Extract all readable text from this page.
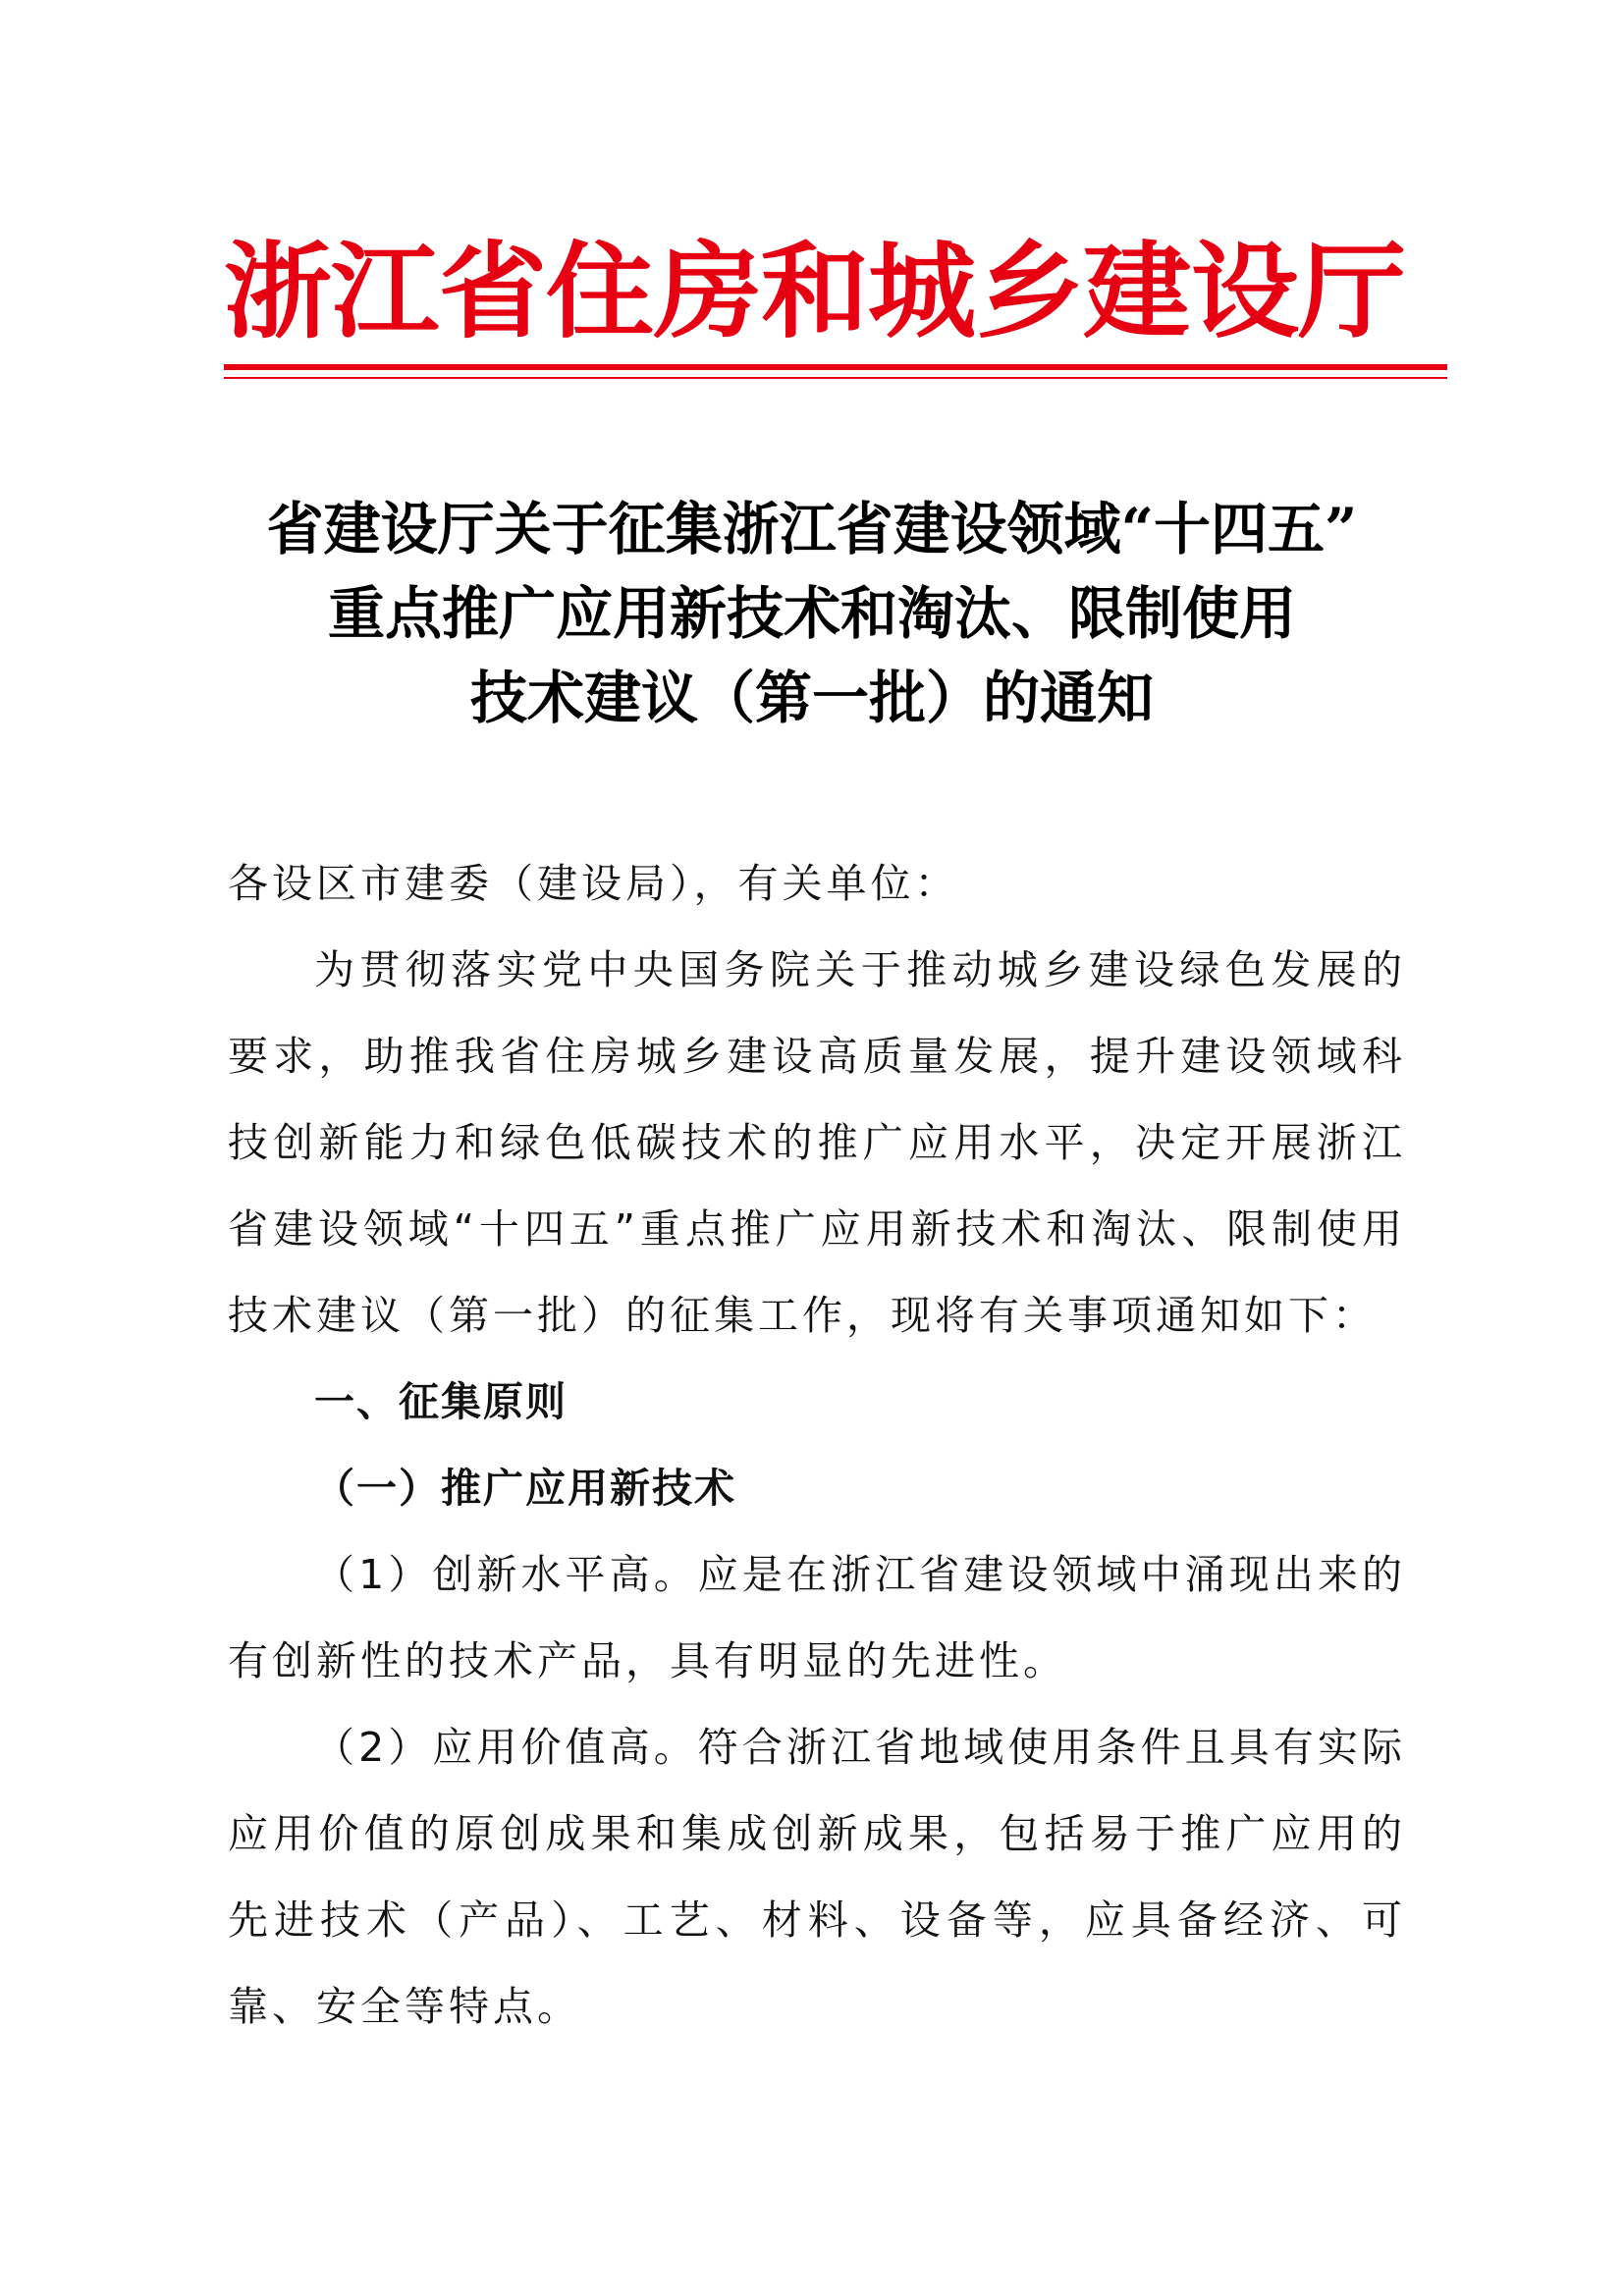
浙 江 省 住 房 和 城 乡 建 设 厅
省建设厅关于征集浙江省建设领域“十四五”
重点推广应用新技术和淘汰、限制使用
技术建议（第一批）的通知

各设区市建委（建设局），有关单位：

为贯彻落实党中央国务院关于推动城乡建设绿色发展的要求，助推我省住房城乡建设高质量发展，提升建设领域科技创新能力和绿色低碳技术的推广应用水平，决定开展浙江省建设领域“十四五”重点推广应用新技术和淘汰、限制使用技术建议（第一批）的征集工作，现将有关事项通知如下：

一、征集原则

（一）推广应用新技术

（1）创新水平高。应是在浙江省建设领域中涌现出来的有创新性的技术产品，具有明显的先进性。

（2）应用价值高。符合浙江省地域使用条件且具有实际应用价值的原创成果和集成创新成果，包括易于推广应用的先进技术（产品）、工艺、材料、设备等，应具备经济、可靠、安全等特点。
